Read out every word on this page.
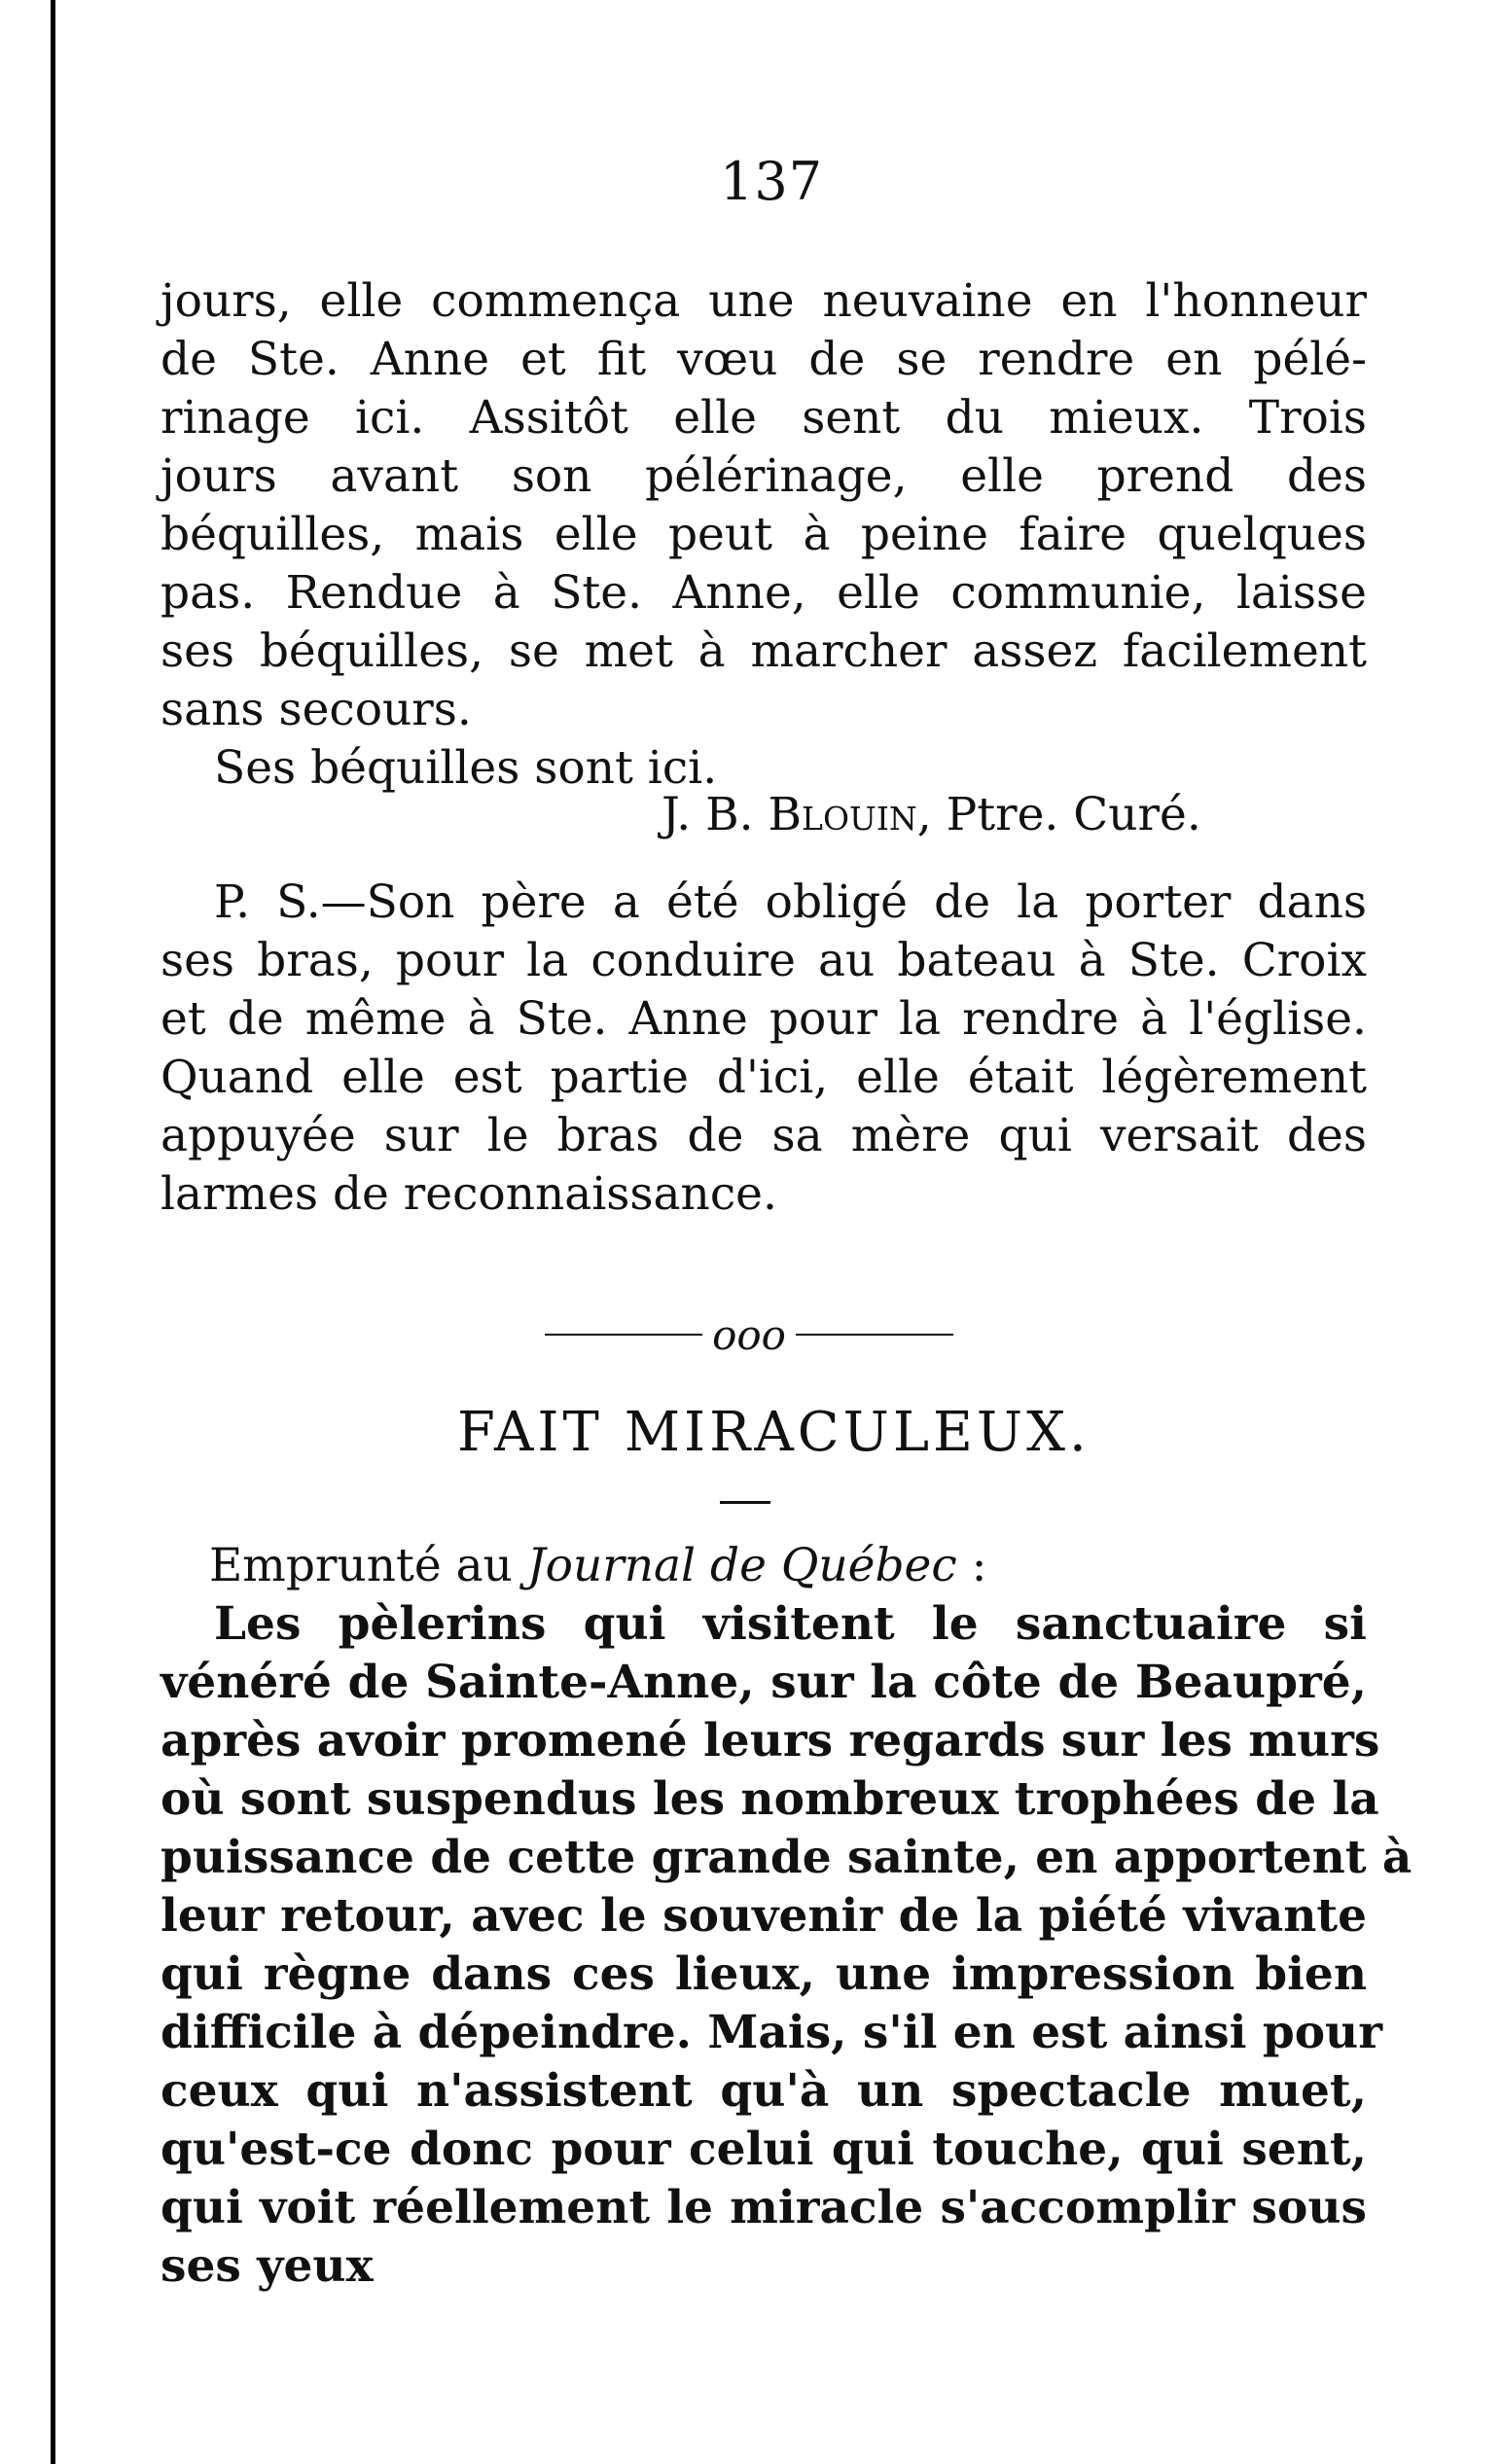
137
jours, elle commença une neuvaine en l'honneur
de Ste. Anne et fit vœu de se rendre en pélé-
rinage ici. Assitôt elle sent du mieux. Trois
jours avant son pélérinage, elle prend des
béquilles, mais elle peut à peine faire quelques
pas. Rendue à Ste. Anne, elle communie, laisse
ses béquilles, se met à marcher assez facilement
sans secours.
Ses béquilles sont ici.
J. B. Blouin, Ptre. Curé.
P. S.—Son père a été obligé de la porter dans
ses bras, pour la conduire au bateau à Ste. Croix
et de même à Ste. Anne pour la rendre à l'église.
Quand elle est partie d'ici, elle était légèrement
appuyée sur le bras de sa mère qui versait des
larmes de reconnaissance.
ooo
FAIT MIRACULEUX.
Emprunté au Journal de Québec :
Les pèlerins qui visitent le sanctuaire si
vénéré de Sainte-Anne, sur la côte de Beaupré,
après avoir promené leurs regards sur les murs
où sont suspendus les nombreux trophées de la
puissance de cette grande sainte, en apportent à
leur retour, avec le souvenir de la piété vivante
qui règne dans ces lieux, une impression bien
difficile à dépeindre. Mais, s'il en est ainsi pour
ceux qui n'assistent qu'à un spectacle muet,
qu'est-ce donc pour celui qui touche, qui sent,
qui voit réellement le miracle s'accomplir sous
ses yeux
